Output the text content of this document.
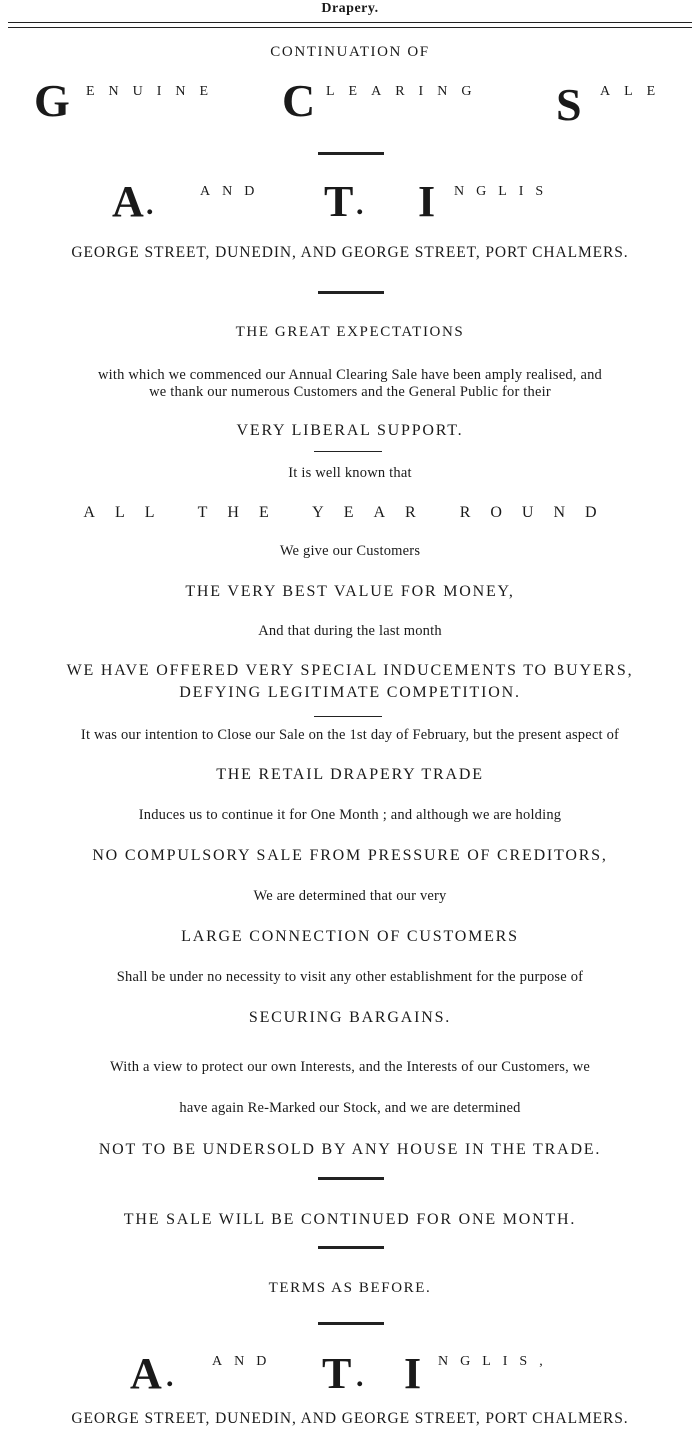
Drapery.
CONTINUATION OF
G ENUINE C LEARING S ALE
A .	AND T . I NGLIS
GEORGE STREET, DUNEDIN, AND GEORGE STREET, PORT CHALMERS.
THE GREAT EXPECTATIONS
with which we commenced our Annual Clearing Sale have been amply realised, and
we thank our numerous Customers and the General Public for their
VERY LIBERAL SUPPORT.
It is well known that
ALL THE YEAR ROUND
We give our Customers
THE VERY BEST VALUE FOR MONEY,
And that during the last month
WE HAVE OFFERED VERY SPECIAL INDUCEMENTS TO BUYERS,
DEFYING LEGITIMATE COMPETITION.
It was our intention to Close our Sale on the 1st day of February, but the present aspect of
THE RETAIL DRAPERY TRADE
Induces us to continue it for One Month ; and although we are holding
NO COMPULSORY SALE FROM PRESSURE OF CREDITORS,
We are determined that our very
LARGE CONNECTION OF CUSTOMERS
Shall be under no necessity to visit any other establishment for the purpose of
SECURING BARGAINS.
With a view to protect our own Interests, and the Interests of our Customers, we
have again Re-Marked our Stock, and we are determined
NOT TO BE UNDERSOLD BY ANY HOUSE IN THE TRADE.
THE SALE WILL BE CONTINUED FOR ONE MONTH.
TERMS AS BEFORE.
A .	AND T . I NGLIS,
GEORGE STREET, DUNEDIN, AND GEORGE STREET, PORT CHALMERS.
